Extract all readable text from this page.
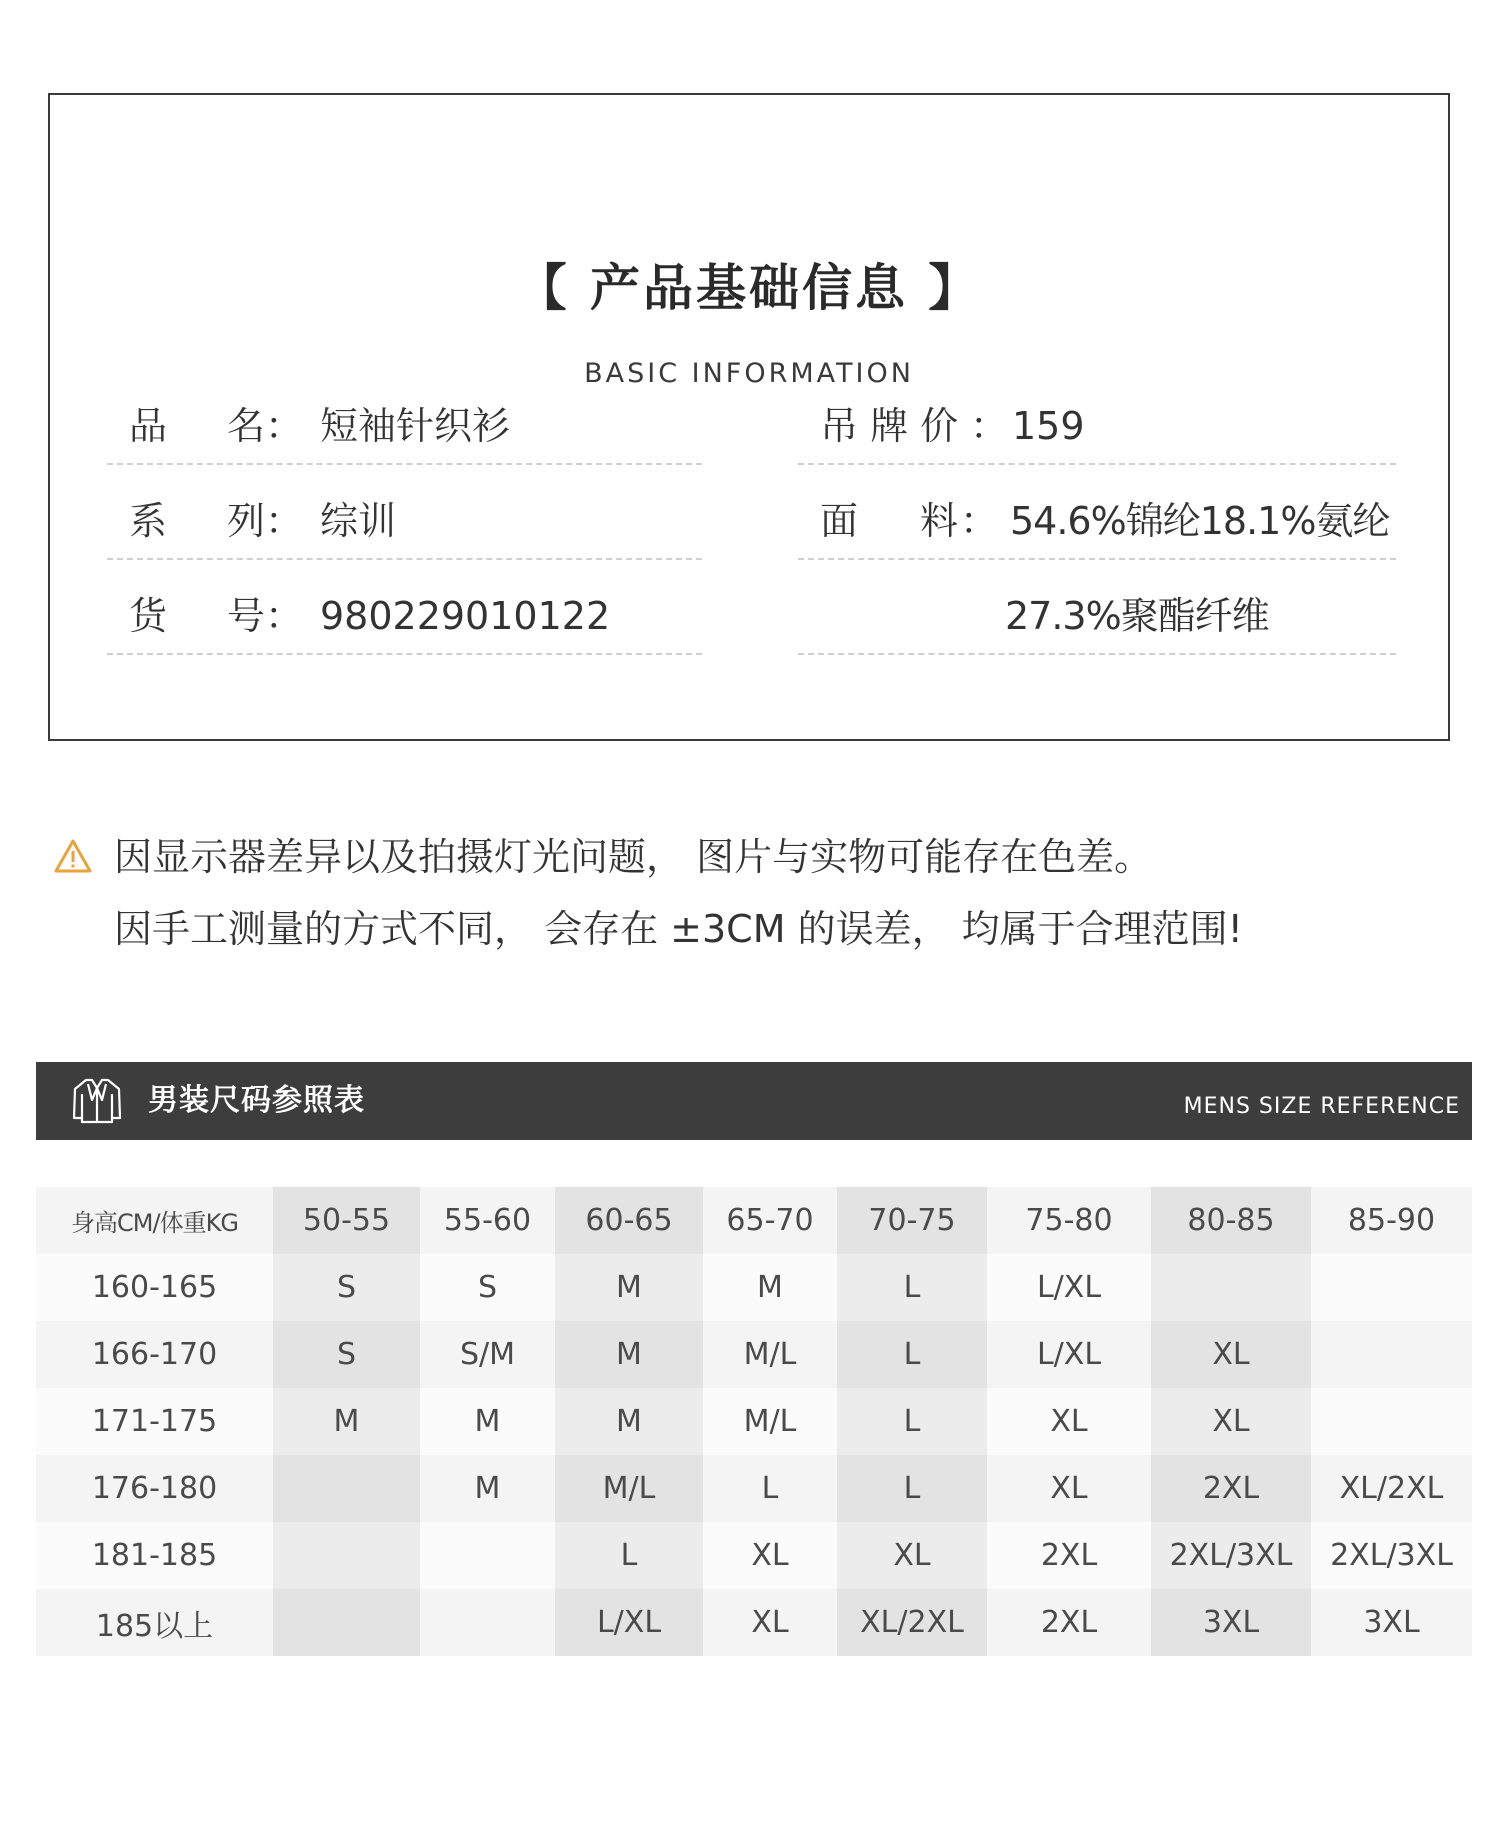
【 产品基础信息 】
BASIC INFORMATION
品 名 ： 短袖针织衫
系 列 ： 综训
货 号 ： 980229010122
吊 牌 价 ： 159
面 料 ： 54.6%锦纶18.1%氨纶
27.3%聚酯纤维
因显示器差异以及拍摄灯光问题， 图片与实物可能存在色差。
因手工测量的方式不同， 会存在 ±3CM 的误差， 均属于合理范围!
男装尺码参照表	MENS SIZE REFERENCE
身高CM/体重KG	50-55	55-60	60-65	65-70	70-75	75-80	80-85	85-90
160-165	S	S	M	M	L	L/XL		
166-170	S	S/M	M	M/L	L	L/XL	XL	
171-175	M	M	M	M/L	L	XL	XL	
176-180		M	M/L	L	L	XL	2XL	XL/2XL
181-185			L	XL	XL	2XL	2XL/3XL	2XL/3XL
185以上			L/XL	XL	XL/2XL	2XL	3XL	3XL
